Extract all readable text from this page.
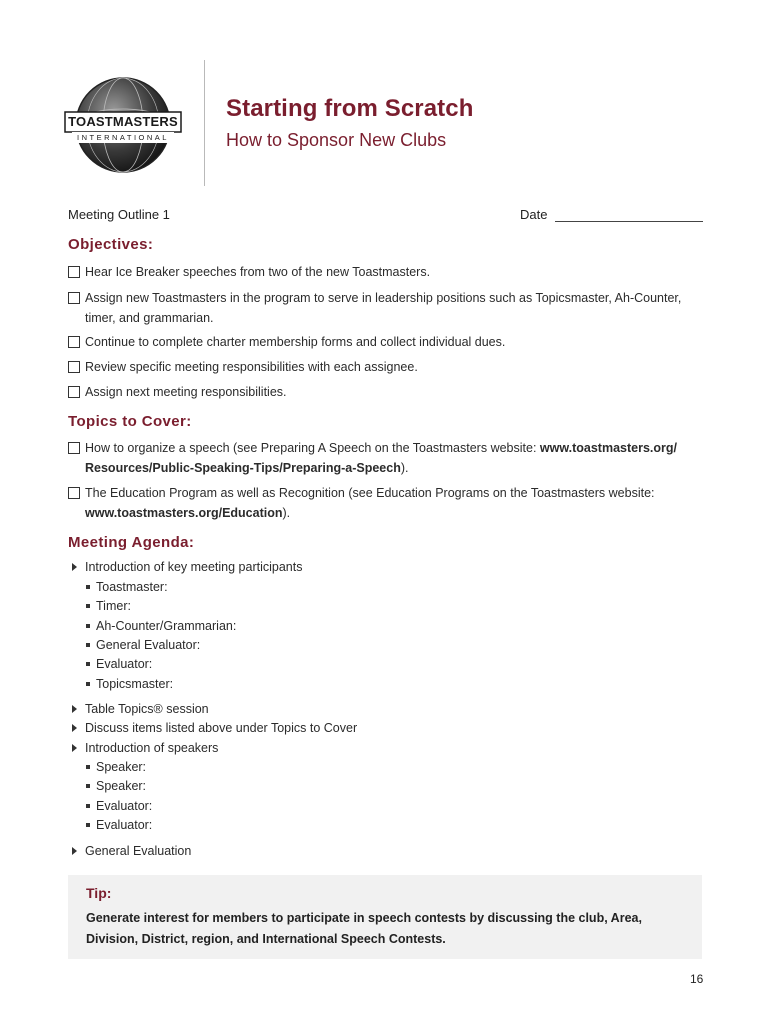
TOASTMASTERS
INTERNATIONAL
Starting from Scratch
How to Sponsor New Clubs
Meeting Outline 1	Date
Objectives:
Hear Ice Breaker speeches from two of the new Toastmasters.
Assign new Toastmasters in the program to serve in leadership positions such as Topicsmaster, Ah-Counter, timer, and grammarian.
Continue to complete charter membership forms and collect individual dues.
Review specific meeting responsibilities with each assignee.
Assign next meeting responsibilities.
Topics to Cover:
How to organize a speech (see Preparing A Speech on the Toastmasters website: www.toastmasters.org/ Resources/Public-Speaking-Tips/Preparing-a-Speech).
The Education Program as well as Recognition (see Education Programs on the Toastmasters website: www.toastmasters.org/Education).
Meeting Agenda:
Introduction of key meeting participants
Toastmaster:
Timer:
Ah-Counter/Grammarian:
General Evaluator:
Evaluator:
Topicsmaster:
Table Topics® session
Discuss items listed above under Topics to Cover
Introduction of speakers
Speaker:
Speaker:
Evaluator:
Evaluator:
General Evaluation
Tip:
Generate interest for members to participate in speech contests by discussing the club, Area, Division, District, region, and International Speech Contests.
16
